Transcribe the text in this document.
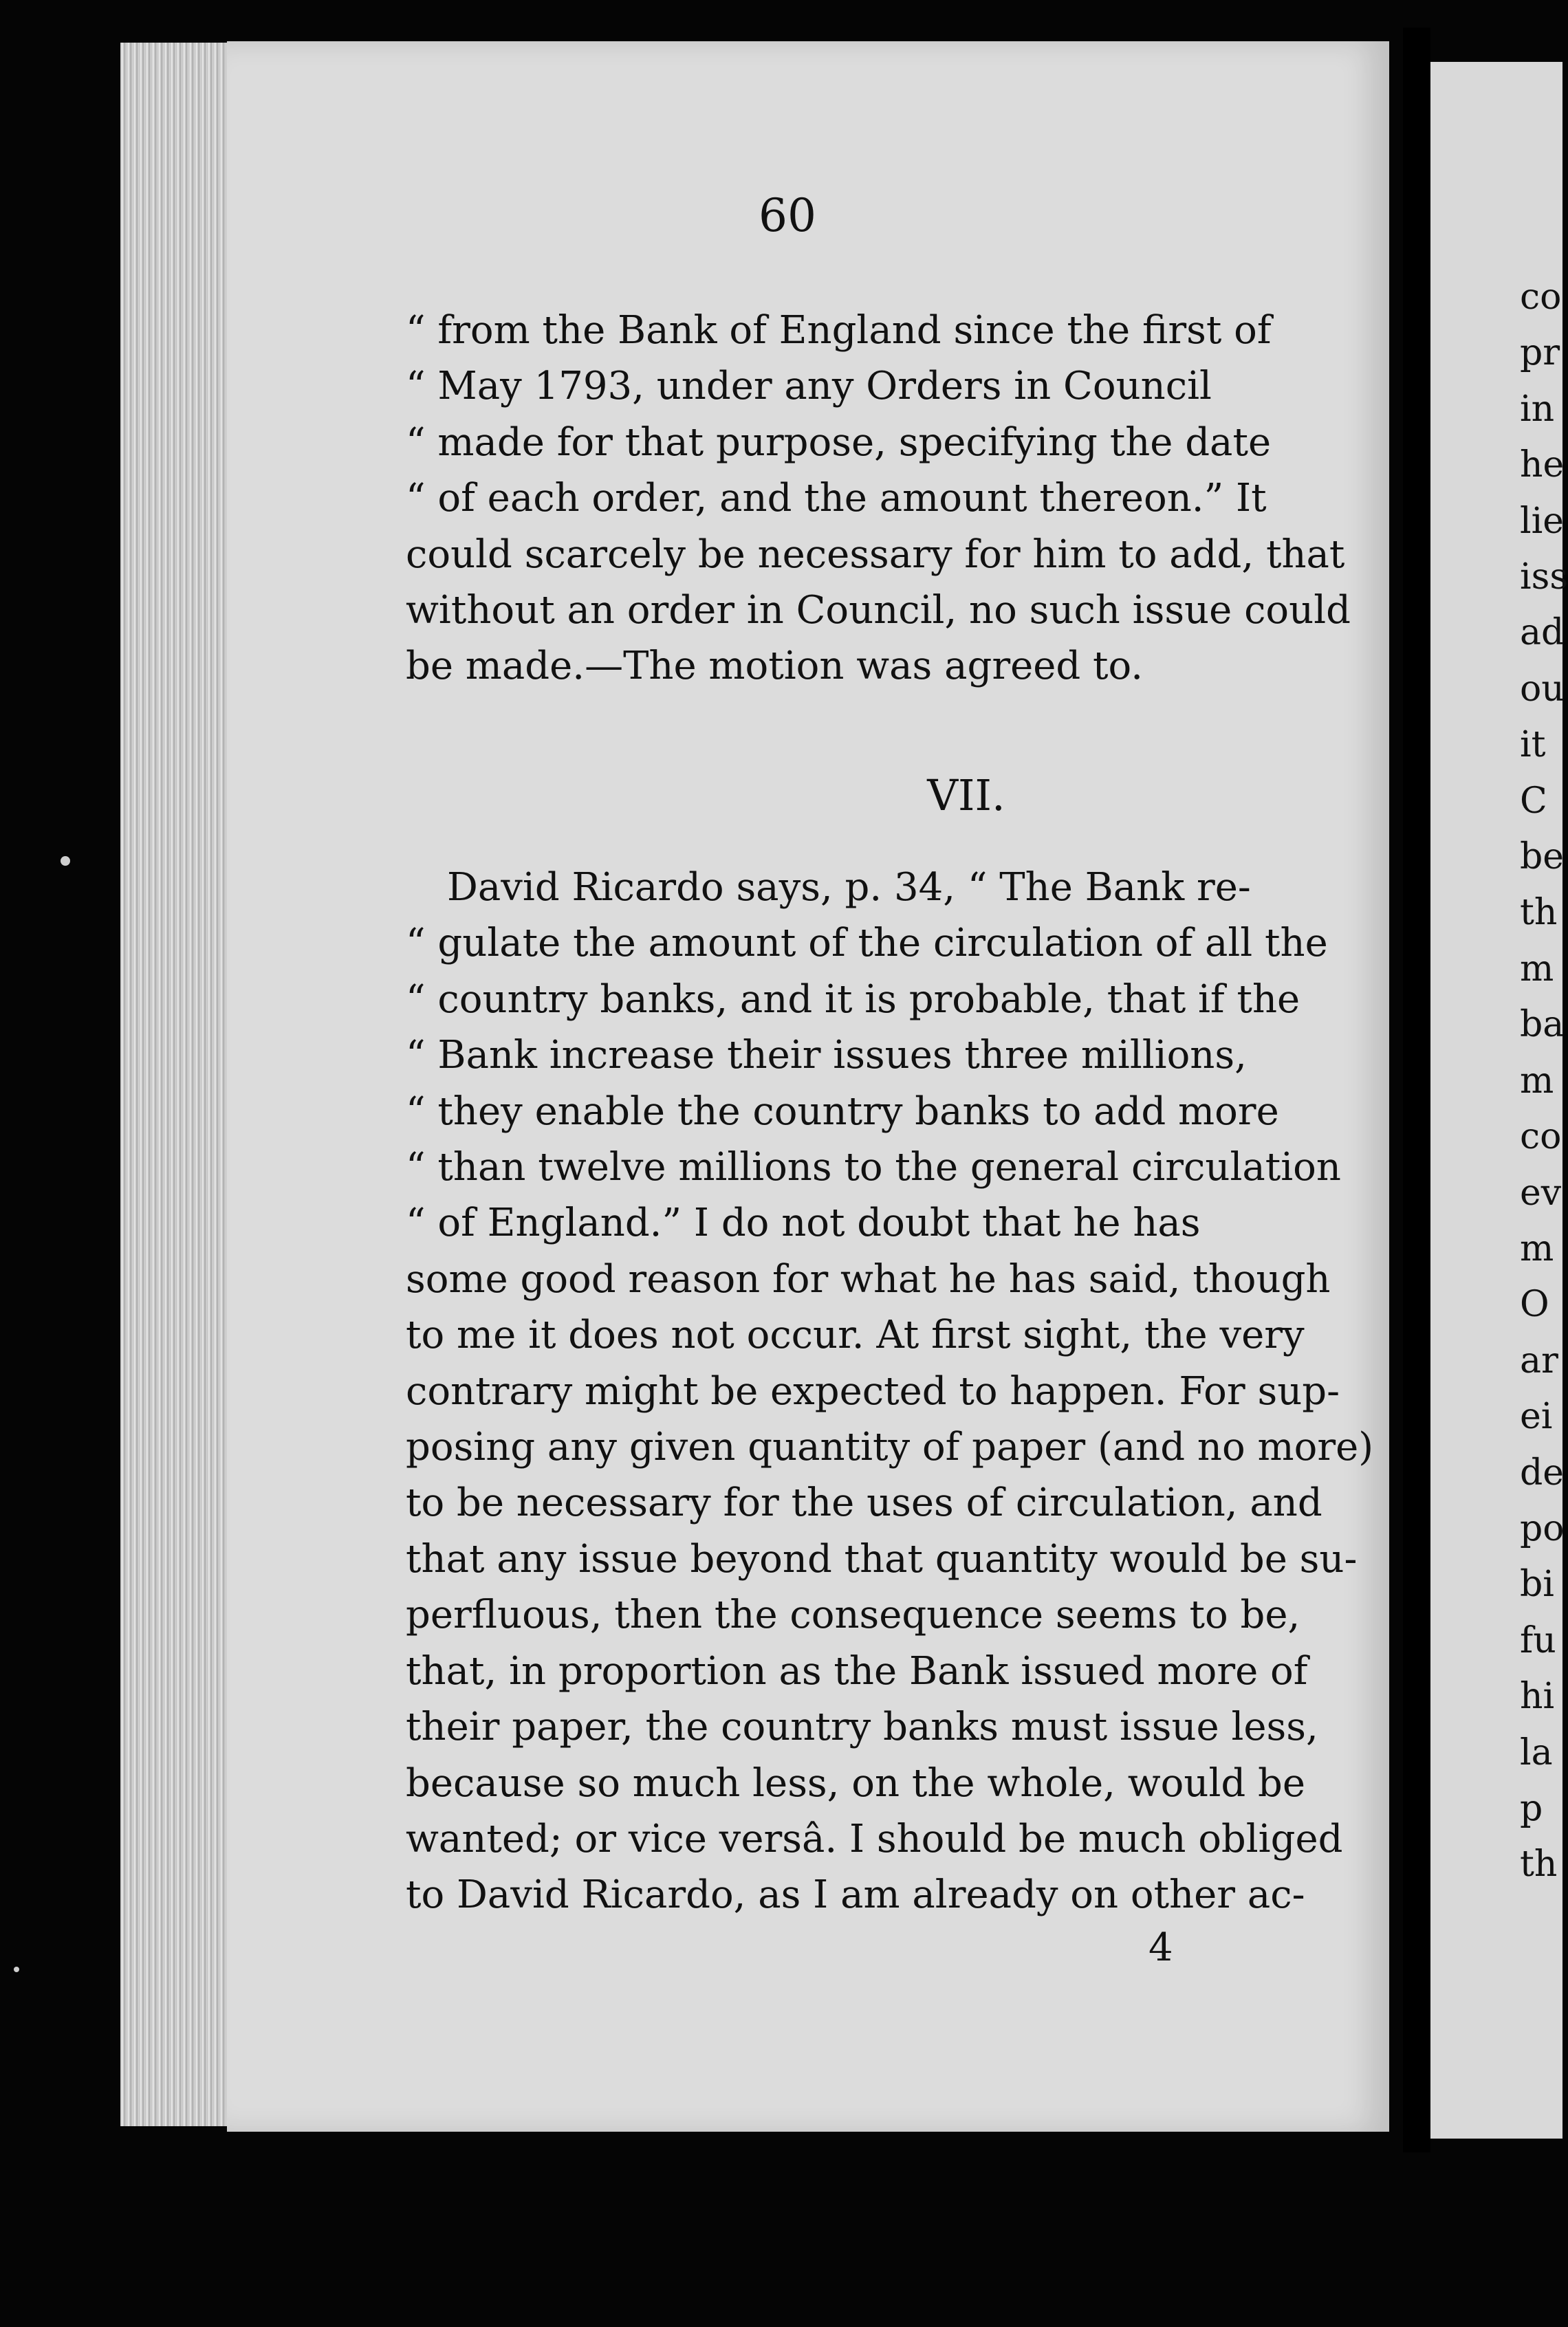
60
“ from the Bank of England since the first of
“ May 1793, under any Orders in Council
“ made for that purpose, specifying the date
“ of each order, and the amount thereon.” It
could scarcely be necessary for him to add, that
without an order in Council, no such issue could
be made.—The motion was agreed to.
VII.
David Ricardo says, p. 34, “ The Bank re-
“ gulate the amount of the circulation of all the
“ country banks, and it is probable, that if the
“ Bank increase their issues three millions,
“ they enable the country banks to add more
“ than twelve millions to the general circulation
“ of England.” I do not doubt that he has
some good reason for what he has said, though
to me it does not occur. At first sight, the very
contrary might be expected to happen. For sup-
posing any given quantity of paper (and no more)
to be necessary for the uses of circulation, and
that any issue beyond that quantity would be su-
perfluous, then the consequence seems to be,
that, in proportion as the Bank issued more of
their paper, the country banks must issue less,
because so much less, on the whole, would be
wanted; or vice versâ. I should be much obliged
to David Ricardo, as I am already on other ac-
4
co
pr
in
he
lie
iss
ad
ou
it
C
be
th
m
ba
m
co
ev
m
O
ar
ei
de
po
bi
fu
hi
la
p
th
